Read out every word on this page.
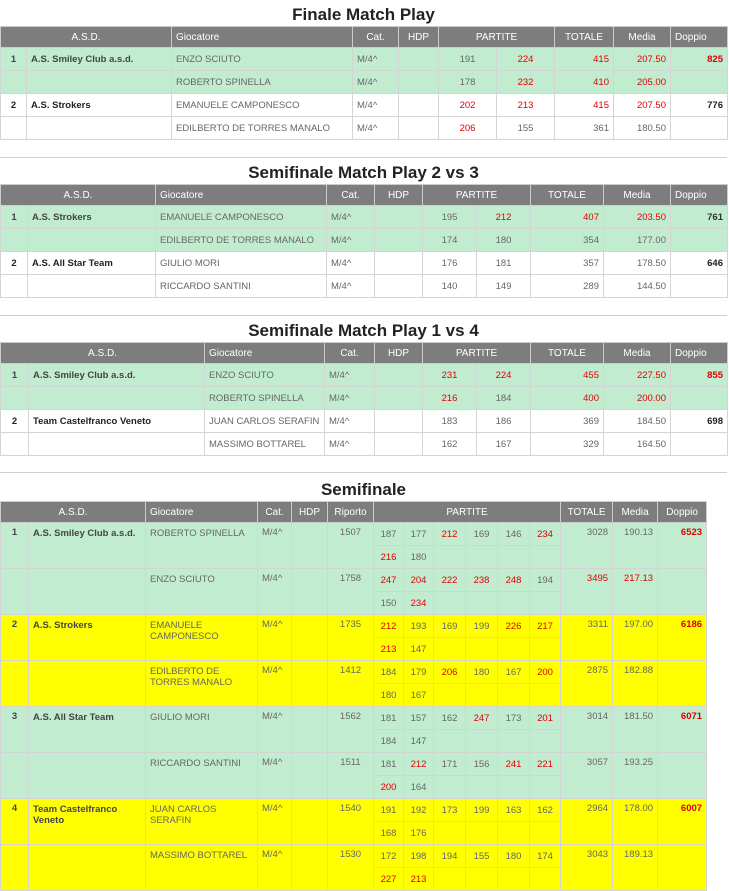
Finale Match Play
A.S.D.		Giocatore	Cat.	HDP	PARTITE		TOTALE	Media	Doppio
1	A.S. Smiley Club a.s.d.	ENZO SCIUTO	M/4^		191	224	415	207.50	825
		ROBERTO SPINELLA	M/4^		178	232	410	205.00	
2	A.S. Strokers	EMANUELE CAMPONESCO	M/4^		202	213	415	207.50	776
		EDILBERTO DE TORRES MANALO	M/4^		206	155	361	180.50	
Semifinale Match Play 2 vs 3
A.S.D.		Giocatore	Cat.	HDP	PARTITE		TOTALE	Media	Doppio
1	A.S. Strokers	EMANUELE CAMPONESCO	M/4^		195	212	407	203.50	761
		EDILBERTO DE TORRES MANALO	M/4^		174	180	354	177.00	
2	A.S. All Star Team	GIULIO MORI	M/4^		176	181	357	178.50	646
		RICCARDO SANTINI	M/4^		140	149	289	144.50	
Semifinale Match Play 1 vs 4
A.S.D.		Giocatore	Cat.	HDP	PARTITE		TOTALE	Media	Doppio
1	A.S. Smiley Club a.s.d.	ENZO SCIUTO	M/4^		231	224	455	227.50	855
		ROBERTO SPINELLA	M/4^		216	184	400	200.00	
2	Team Castelfranco Veneto	JUAN CARLOS SERAFIN	M/4^		183	186	369	184.50	698
		MASSIMO BOTTAREL	M/4^		162	167	329	164.50	
Semifinale
A.S.D.		Giocatore	Cat.	HDP	Riporto	PARTITE						TOTALE	Media	Doppio
1	A.S. Smiley Club a.s.d.	ROBERTO SPINELLA	M/4^		1507	187	177	212	169	146	234	3028	190.13	6523
						216	180							
		ENZO SCIUTO	M/4^		1758	247	204	222	238	248	194	3495	217.13	
						150	234							
2	A.S. Strokers	EMANUELE CAMPONESCO	M/4^		1735	212	193	169	199	226	217	3311	197.00	6186
						213	147							
		EDILBERTO DE TORRES MANALO	M/4^		1412	184	179	206	180	167	200	2875	182.88	
						180	167							
3	A.S. All Star Team	GIULIO MORI	M/4^		1562	181	157	162	247	173	201	3014	181.50	6071
						184	147							
		RICCARDO SANTINI	M/4^		1511	181	212	171	156	241	221	3057	193.25	
						200	164							
4	Team Castelfranco Veneto	JUAN CARLOS SERAFIN	M/4^		1540	191	192	173	199	163	162	2964	178.00	6007
						168	176							
		MASSIMO BOTTAREL	M/4^		1530	172	198	194	155	180	174	3043	189.13	
						227	213							
